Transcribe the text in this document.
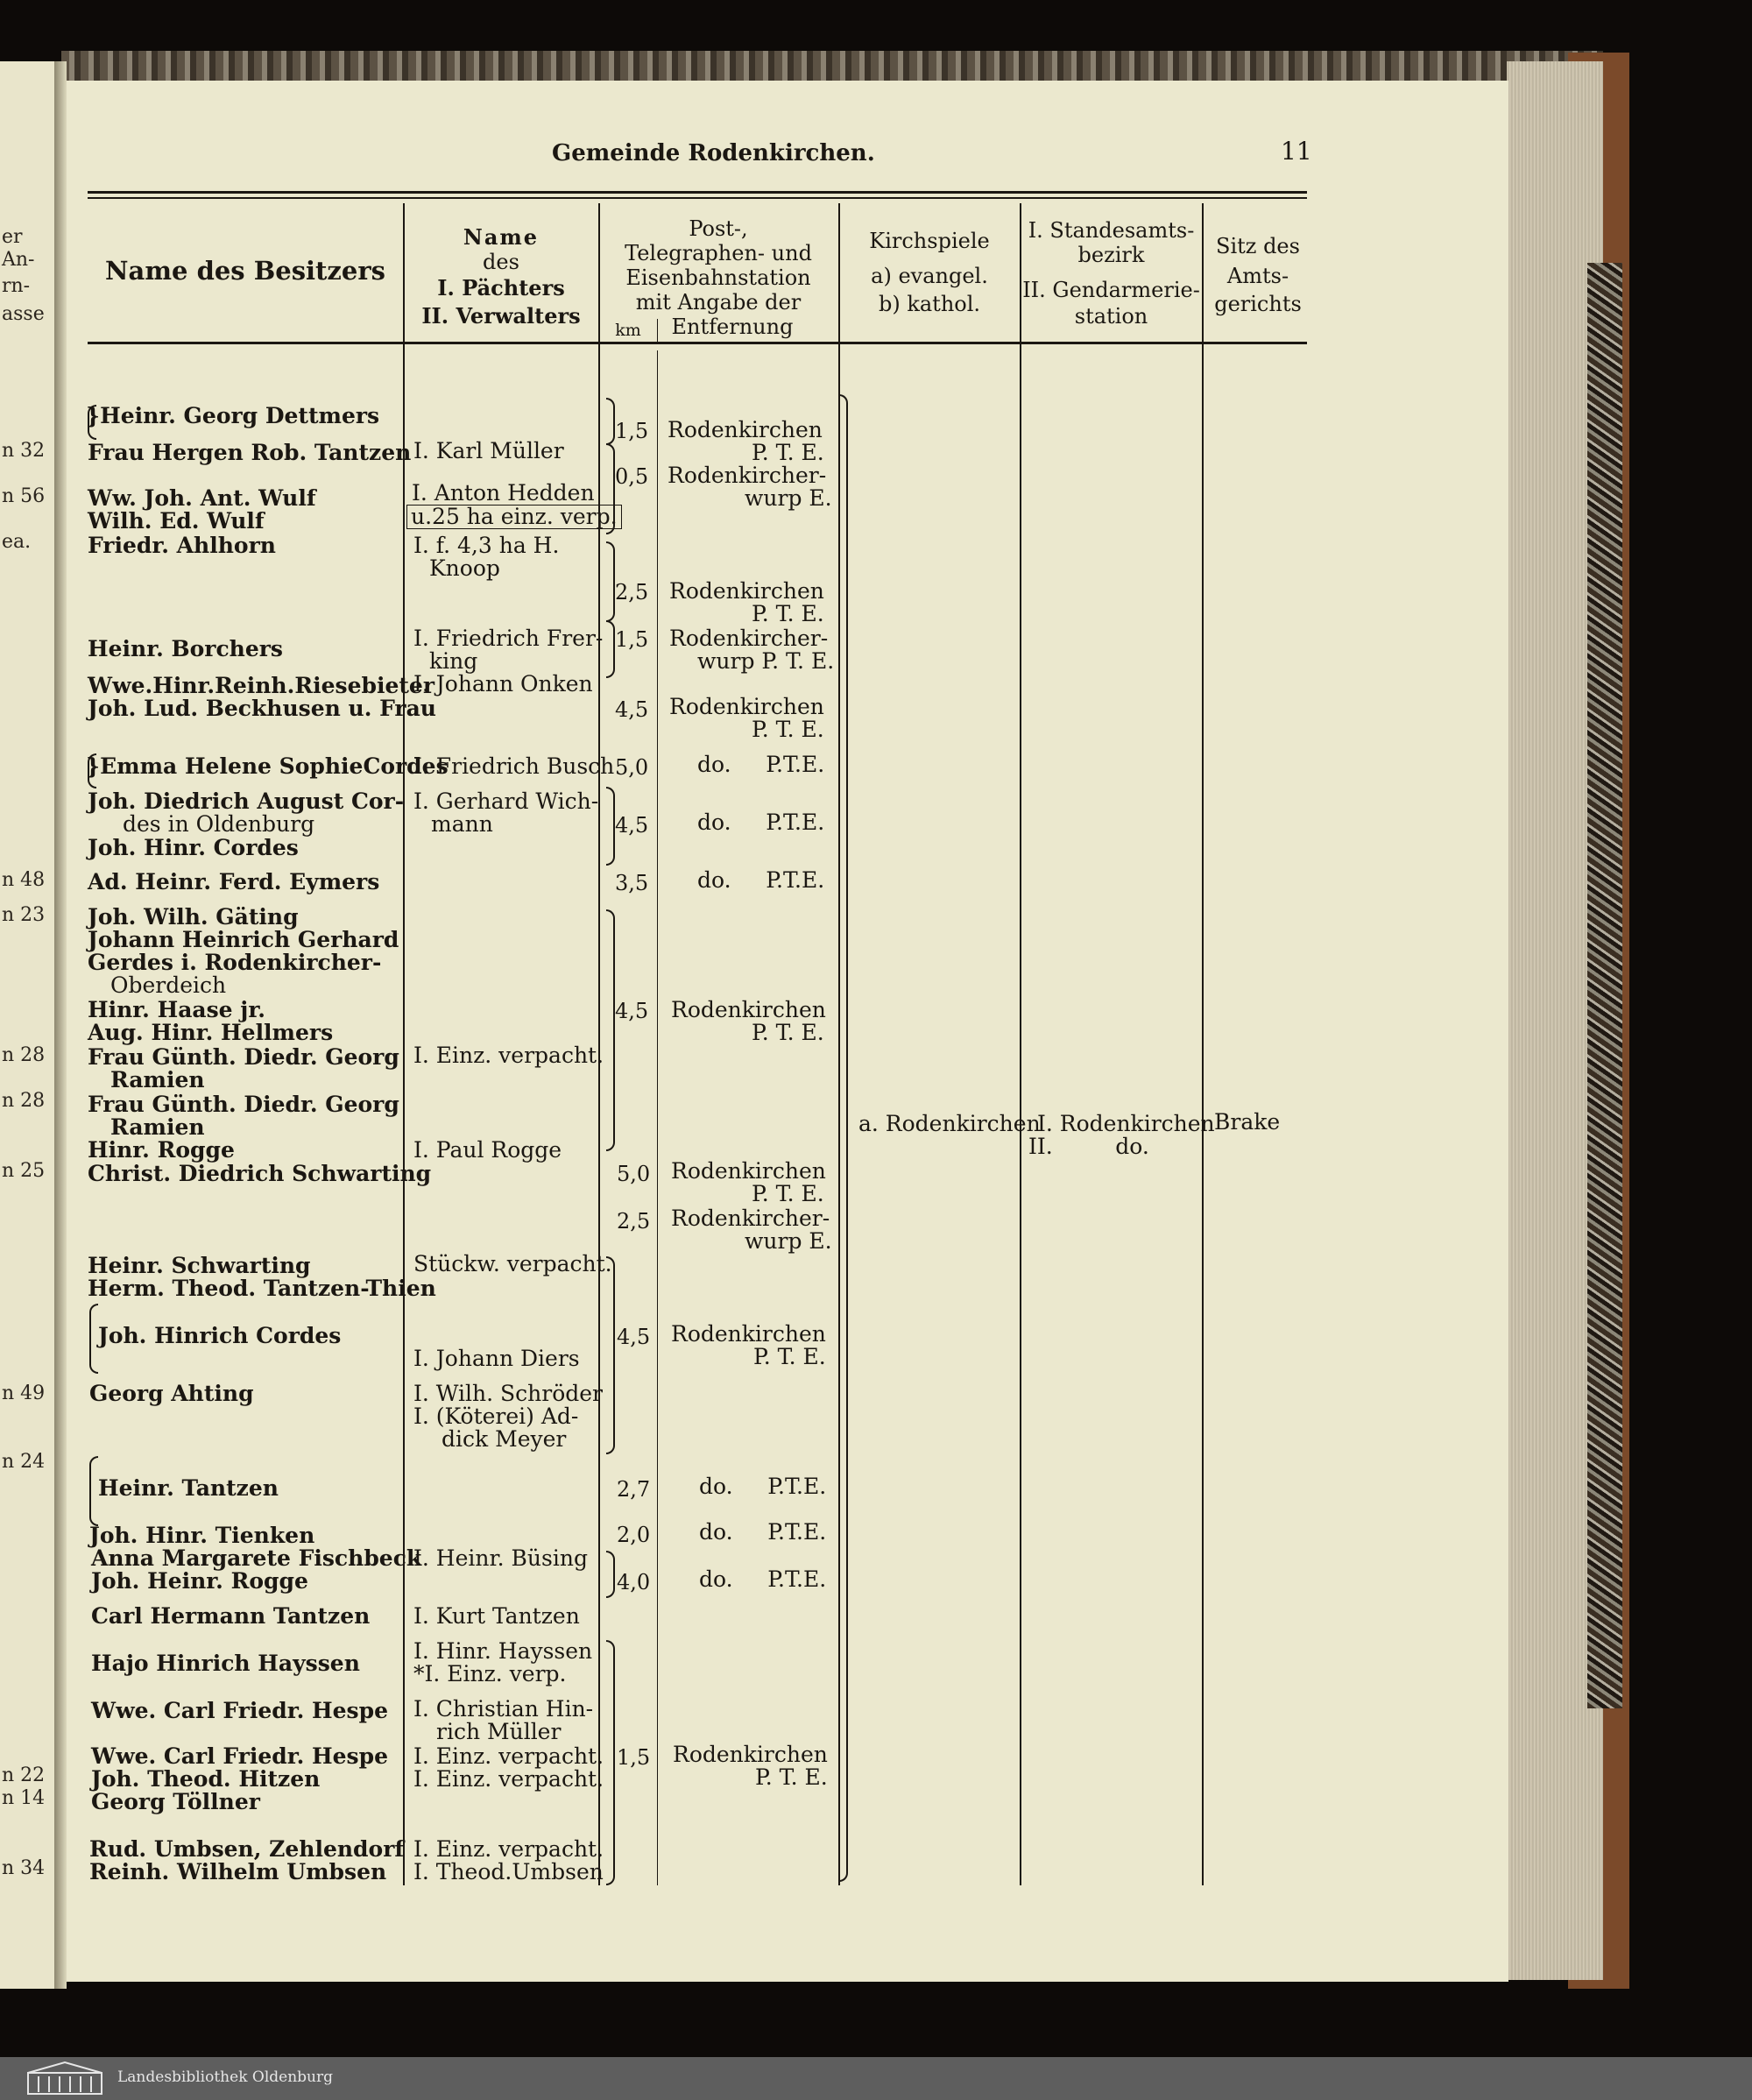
er
An-
rn-
asse
n 32
n 56
ea.
n 48
n 23
n 28
n 28
n 25
n 49
n 24
n 22
n 14
n 34
Gemeinde Rodenkirchen.	11
Name des Besitzers
Name
des
I. Pächters
II. Verwalters
Post-,
Telegraphen- und
Eisenbahnstation
mit Angabe der
km	Entfernung
Kirchspiele
a) evangel.
b) kathol.
I. Standesamts-
bezirk
II. Gendarmerie-
station
Sitz des
Amts-
gerichts
}Heinr. Georg Dettmers
Frau Hergen Rob. Tantzen
Ww. Joh. Ant. Wulf
Wilh. Ed. Wulf
Friedr. Ahlhorn
Heinr. Borchers
Wwe.Hinr.Reinh.Riesebieter
Joh. Lud. Beckhusen u. Frau
}Emma Helene SophieCordes
Joh. Diedrich August Cor-
des in Oldenburg
Joh. Hinr. Cordes
Ad. Heinr. Ferd. Eymers
Joh. Wilh. Gäting
Johann Heinrich Gerhard
Gerdes i. Rodenkircher-
Oberdeich
Hinr. Haase jr.
Aug. Hinr. Hellmers
Frau Günth. Diedr. Georg
Ramien
Frau Günth. Diedr. Georg
Ramien
Hinr. Rogge
Christ. Diedrich Schwarting
Heinr. Schwarting
Herm. Theod. Tantzen-Thien
Joh. Hinrich Cordes
Georg Ahting
Heinr. Tantzen
Joh. Hinr. Tienken
Anna Margarete Fischbeck
Joh. Heinr. Rogge
Carl Hermann Tantzen
Hajo Hinrich Hayssen
Wwe. Carl Friedr. Hespe
Wwe. Carl Friedr. Hespe
Joh. Theod. Hitzen
Georg Töllner
Rud. Umbsen, Zehlendorf
Reinh. Wilhelm Umbsen
I. Karl Müller
I. Anton Hedden
u.25 ha einz. verp.
I. f. 4,3 ha H.
Knoop
I. Friedrich Frer-
king
I. Johann Onken
I. Friedrich Busch
I. Gerhard Wich-
mann
I. Einz. verpacht.
I. Paul Rogge
Stückw. verpacht.
I. Johann Diers
I. Wilh. Schröder
I. (Köterei) Ad-
dick Meyer
I. Heinr. Büsing
I. Kurt Tantzen
I. Hinr. Hayssen
*I. Einz. verp.
I. Christian Hin-
rich Müller
I. Einz. verpacht.
I. Einz. verpacht.
I. Einz. verpacht.
I. Theod.Umbsen
1,5
0,5
2,5
1,5
4,5
5,0
4,5
3,5
4,5
5,0
2,5
4,5
2,7
2,0
4,0
1,5
Rodenkirchen
P. T. E.
Rodenkircher-
wurp E.
Rodenkirchen
P. T. E.
Rodenkircher-
wurp P. T. E.
Rodenkirchen
P. T. E.
do.     P.T.E.
do.     P.T.E.
do.     P.T.E.
Rodenkirchen
P. T. E.
Rodenkirchen
P. T. E.
Rodenkircher-
wurp E.
Rodenkirchen
P. T. E.
do.     P.T.E.
do.     P.T.E.
do.     P.T.E.
Rodenkirchen
P. T. E.
a. Rodenkirchen
I. Rodenkirchen
II.         do.
Brake
Landesbibliothek Oldenburg
